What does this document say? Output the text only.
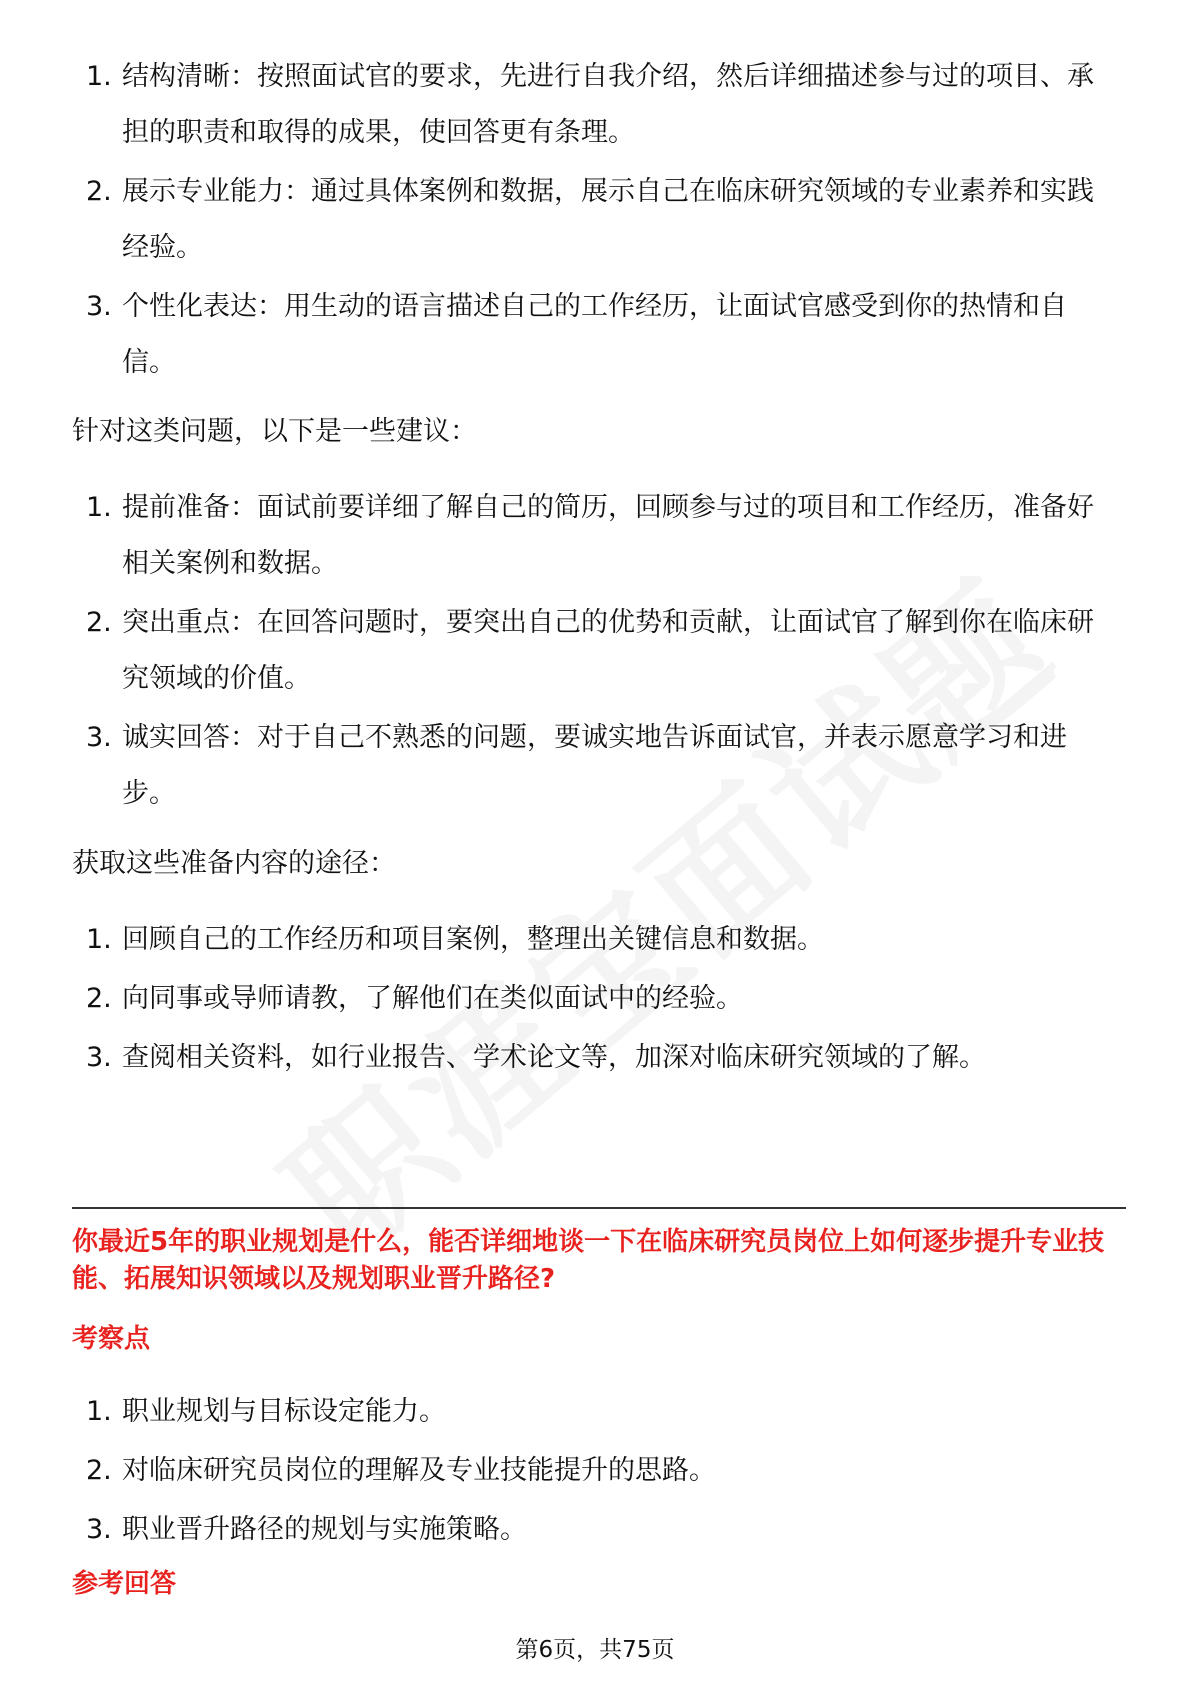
1. 结构清晰：按照面试官的要求，先进行自我介绍，然后详细描述参与过的项目、承担的职责和取得的成果，使回答更有条理。
2. 展示专业能力：通过具体案例和数据，展示自己在临床研究领域的专业素养和实践经验。
3. 个性化表达：用生动的语言描述自己的工作经历，让面试官感受到你的热情和自信。
针对这类问题，以下是一些建议：
1. 提前准备：面试前要详细了解自己的简历，回顾参与过的项目和工作经历，准备好相关案例和数据。
2. 突出重点：在回答问题时，要突出自己的优势和贡献，让面试官了解到你在临床研究领域的价值。
3. 诚实回答：对于自己不熟悉的问题，要诚实地告诉面试官，并表示愿意学习和进步。
获取这些准备内容的途径：
1. 回顾自己的工作经历和项目案例，整理出关键信息和数据。
2. 向同事或导师请教，了解他们在类似面试中的经验。
3. 查阅相关资料，如行业报告、学术论文等，加深对临床研究领域的了解。
你最近5年的职业规划是什么，能否详细地谈一下在临床研究员岗位上如何逐步提升专业技能、拓展知识领域以及规划职业晋升路径?
考察点
1. 职业规划与目标设定能力。
2. 对临床研究员岗位的理解及专业技能提升的思路。
3. 职业晋升路径的规划与实施策略。
参考回答
第6页，共75页
